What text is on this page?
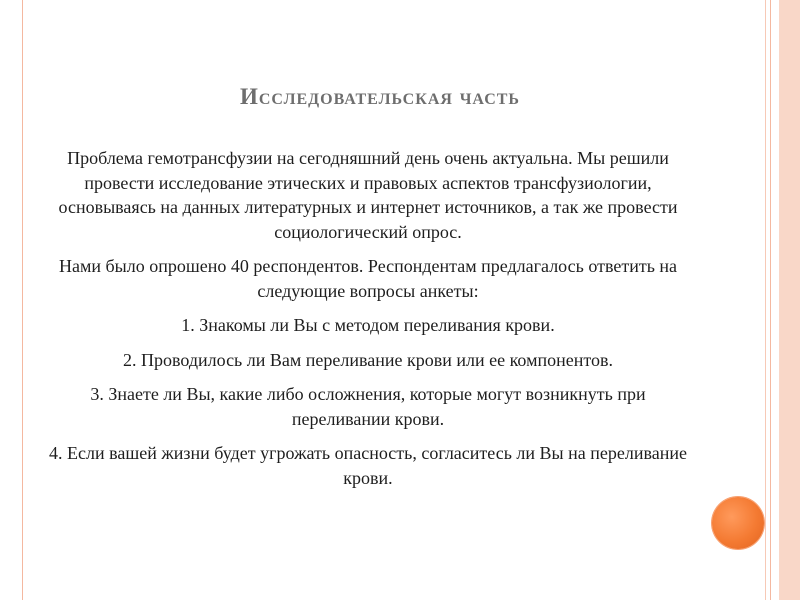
Исследовательская часть

Проблема гемотрансфузии на сегодняшний день очень актуальна. Мы решили провести исследование этических и правовых аспектов трансфузиологии, основываясь на данных литературных и интернет источников, а так же провести социологический опрос.

Нами было опрошено 40 респондентов. Респондентам предлагалось ответить на следующие вопросы анкеты:

1. Знакомы ли Вы с методом переливания крови.

2. Проводилось ли Вам переливание крови или ее компонентов.

3. Знаете ли Вы, какие либо осложнения, которые могут возникнуть при переливании крови.

4. Если вашей жизни будет угрожать опасность, согласитесь ли Вы на переливание крови.
